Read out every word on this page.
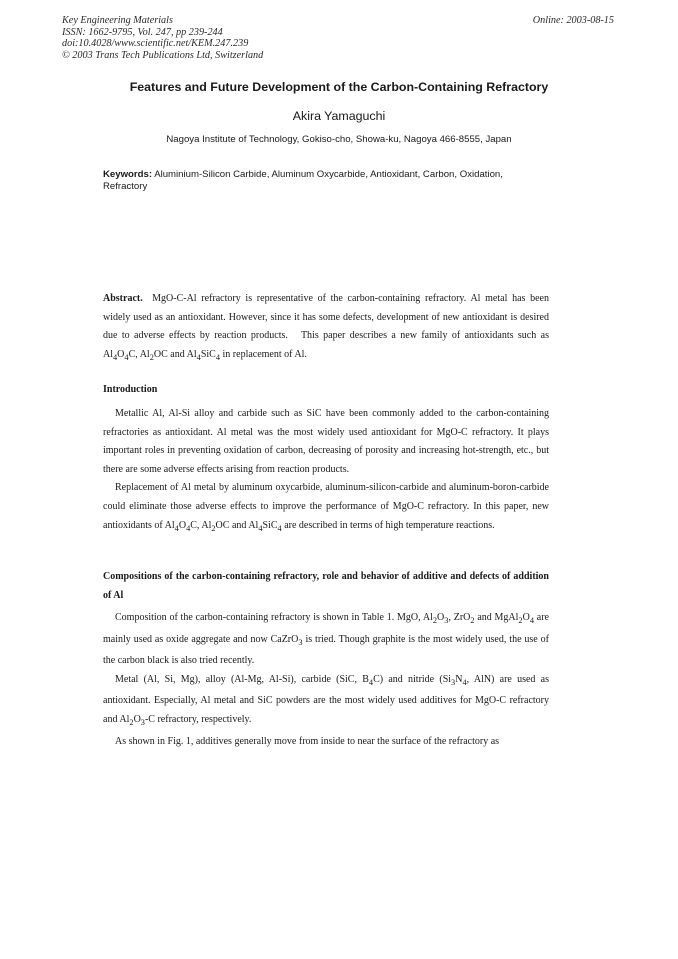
Key Engineering Materials
ISSN: 1662-9795, Vol. 247, pp 239-244
doi:10.4028/www.scientific.net/KEM.247.239
© 2003 Trans Tech Publications Ltd, Switzerland
Online: 2003-08-15
Features and Future Development of the Carbon-Containing Refractory
Akira Yamaguchi
Nagoya Institute of Technology, Gokiso-cho, Showa-ku, Nagoya 466-8555, Japan
Keywords: Aluminium-Silicon Carbide, Aluminum Oxycarbide, Antioxidant, Carbon, Oxidation, Refractory

Abstract. MgO-C-Al refractory is representative of the carbon-containing refractory. Al metal has been widely used as an antioxidant. However, since it has some defects, development of new antioxidant is desired due to adverse effects by reaction products. This paper describes a new family of antioxidants such as $Al_4O_4C$, $Al_2OC$ and $Al_4SiC_4$ in replacement of Al.

Introduction

Metallic Al, Al-Si alloy and carbide such as SiC have been commonly added to the carbon-containing refractories as antioxidant. Al metal was the most widely used antioxidant for MgO-C refractory. It plays important roles in preventing oxidation of carbon, decreasing of porosity and increasing hot-strength, etc., but there are some adverse effects arising from reaction products.

Replacement of Al metal by aluminum oxycarbide, aluminum-silicon-carbide and aluminum-boron-carbide could eliminate those adverse effects to improve the performance of MgO-C refractory. In this paper, new antioxidants of $Al_4O_4C$, $Al_2OC$ and $Al_4SiC_4$ are described in terms of high temperature reactions.

Compositions of the carbon-containing refractory, role and behavior of additive and defects of addition of Al

Composition of the carbon-containing refractory is shown in Table 1. MgO, $Al_2O_3$, ZrO$_2$ and $MgAl_2O_4$ are mainly used as oxide aggregate and now CaZrO$_3$ is tried. Though graphite is the most widely used, the use of the carbon black is also tried recently.

Metal (Al, Si, Mg), alloy (Al-Mg, Al-Si), carbide (SiC, $B_4C$) and nitride ($Si_3N_4$, AlN) are used as antioxidant. Especially, Al metal and SiC powders are the most widely used additives for MgO-C refractory and $Al_2O_3-C$ refractory, respectively.

As shown in Fig. 1, additives generally move from inside to near the surface of the refractory as
